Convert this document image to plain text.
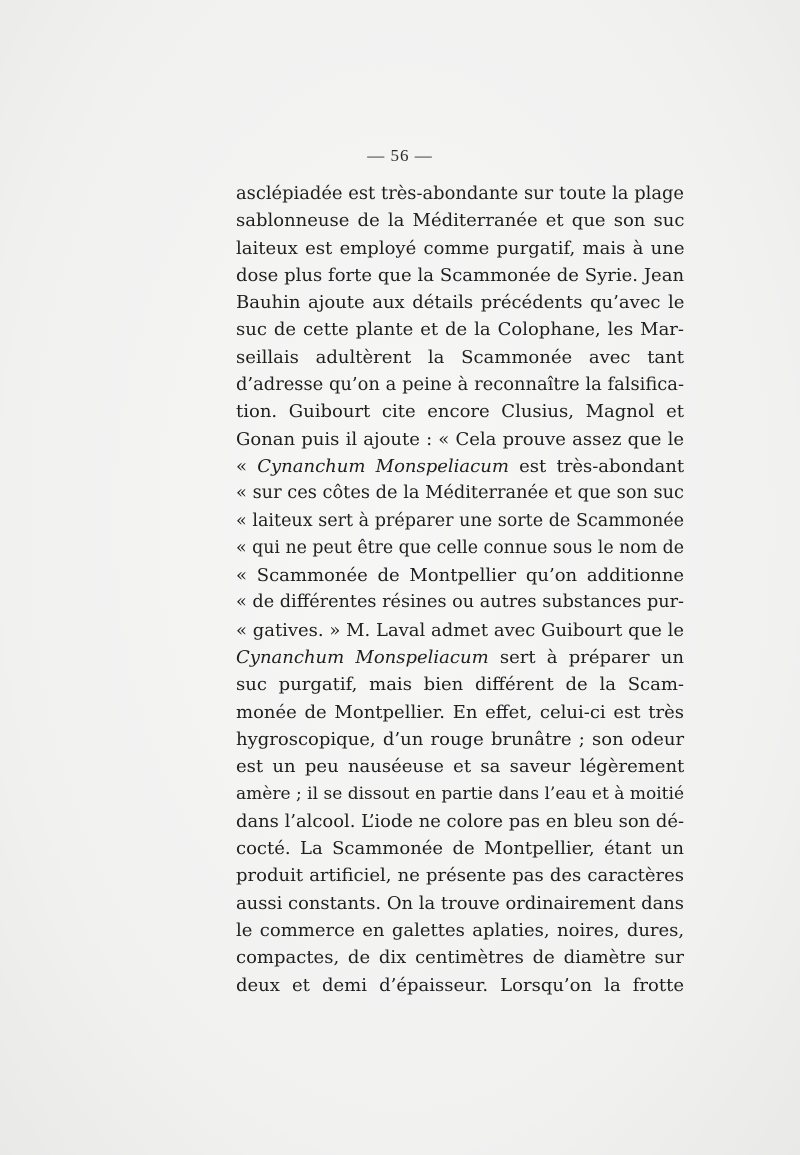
— 56 —
asclépiadée est très-abondante sur toute la plage
sablonneuse de la Méditerranée et que son suc
laiteux est employé comme purgatif, mais à une
dose plus forte que la Scammonée de Syrie. Jean
Bauhin ajoute aux détails précédents qu’avec le
suc de cette plante et de la Colophane, les Mar-
seillais adultèrent la Scammonée avec tant
d’adresse qu’on a peine à reconnaître la falsifica-
tion. Guibourt cite encore Clusius, Magnol et
Gonan puis il ajoute : « Cela prouve assez que le
« Cynanchum Monspeliacum est très-abondant
« sur ces côtes de la Méditerranée et que son suc
« laiteux sert à préparer une sorte de Scammonée
« qui ne peut être que celle connue sous le nom de
« Scammonée de Montpellier qu’on additionne
« de différentes résines ou autres substances pur-
« gatives. » M. Laval admet avec Guibourt que le
Cynanchum Monspeliacum sert à préparer un
suc purgatif, mais bien différent de la Scam-
monée de Montpellier. En effet, celui-ci est très
hygroscopique, d’un rouge brunâtre ; son odeur
est un peu nauséeuse et sa saveur légèrement
amère ; il se dissout en partie dans l’eau et à moitié
dans l’alcool. L’iode ne colore pas en bleu son dé-
cocté. La Scammonée de Montpellier, étant un
produit artificiel, ne présente pas des caractères
aussi constants. On la trouve ordinairement dans
le commerce en galettes aplaties, noires, dures,
compactes, de dix centimètres de diamètre sur
deux et demi d’épaisseur. Lorsqu’on la frotte
